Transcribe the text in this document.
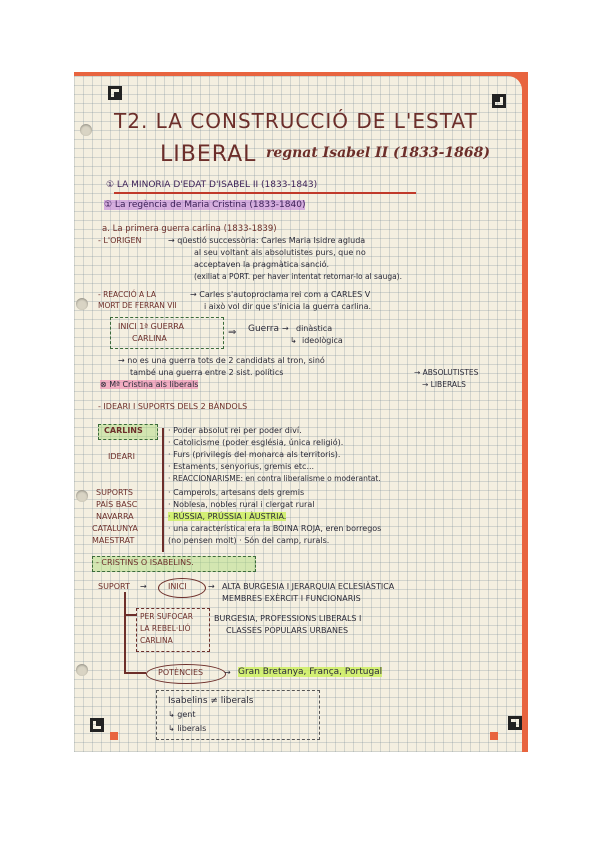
T2. LA CONSTRUCCIÓ DE L'ESTAT
LIBERAL regnat Isabel II (1833-1868)
① LA MINORIA D'EDAT D'ISABEL II (1833-1843)
① La regència de Maria Cristina (1833-1840)
a. La primera guerra carlina (1833-1839)
- L'ORIGEN	→ qüestió successòria: Carles Maria Isidre agluda
al seu voltant als absolutistes purs, que no
acceptaven la pragmàtica sanció.
(exiliat a PORT. per haver intentat retornar-lo al sauga).
- REACCIÓ A LA
MORT DE FERRAN VII
→ Carles s'autoproclama rei com a CARLES V
i això vol dir que s'inicia la guerra carlina.
INICI 1ª GUERRA
CARLINA
⇒ Guerra → dinàstica
↳ ideològica
→ no es una guerra tots de 2 candidats al tron, sinó
també una guerra entre 2 sist. polítics	→ ABSOLUTISTES
→ LIBERALS
⊗ Mª Cristina als liberals
- IDEARI I SUPORTS DELS 2 BÀNDOLS
CARLINS
IDEARI
· Poder absolut rei per poder diví.
· Catolicisme (poder església, única religió).
· Furs (privilegis del monarca als territoris).
· Estaments, senyorius, gremis etc...
· REACCIONARISME: en contra liberalisme o moderantat.
SUPORTS
PAÍS BASC
NAVARRA
CATALUNYA
MAESTRAT
· Camperols, artesans dels gremis
· Noblesa, nobles rural i clergat rural
· RÚSSIA, PRÚSSIA I ÀUSTRIA.
· una característica era la BOINA ROJA, eren borregos
(no pensen molt) · Són del camp, rurals.
- CRISTINS O ISABELINS.
SUPORT →	INICI	→ ALTA BURGESIA I JERARQUIA ECLESIÀSTICA
MEMBRES EXÈRCIT I FUNCIONARIS
PER SUFOCAR
LA REBEL·LIÓ
CARLINA
BURGESIA, PROFESSIONS LIBERALS I
CLASSES POPULARS URBANES
POTÈNCIES	→ Gran Bretanya, França, Portugal
Isabelins ≠ liberals
↳ gent
↳ liberals
